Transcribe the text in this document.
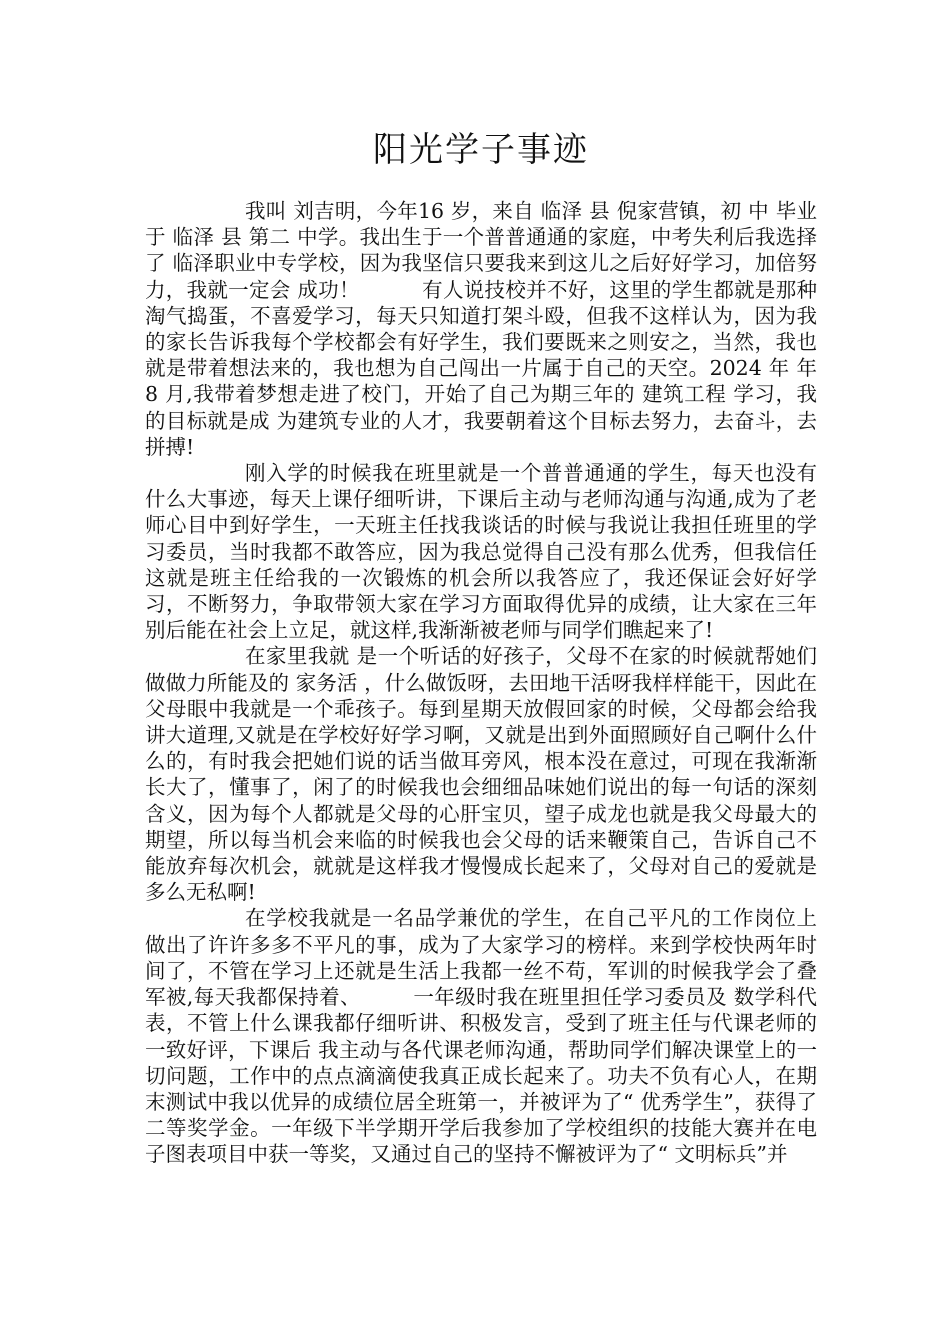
阳光学子事迹

我叫 刘吉明，今年16 岁，来自 临泽 县 倪家营镇，初 中 毕业 于 临泽 县 第二 中学。我出生于一个普普通通的家庭，中考失利后我选择了 临泽职业中专学校，因为我坚信只要我来到这儿之后好好学习，加倍努力，我就一定会 成功！　　　有人说技校并不好，这里的学生都就是那种淘气捣蛋，不喜爱学习，每天只知道打架斗殴，但我不这样认为，因为我的家长告诉我每个学校都会有好学生，我们要既来之则安之，当然，我也就是带着想法来的，我也想为自己闯出一片属于自己的天空。2024 年 年 8 月,我带着梦想走进了校门，开始了自己为期三年的 建筑工程 学习，我的目标就是成 为建筑专业的人才，我要朝着这个目标去努力，去奋斗，去拼搏!

刚入学的时候我在班里就是一个普普通通的学生，每天也没有什么大事迹，每天上课仔细听讲，下课后主动与老师沟通与沟通,成为了老师心目中到好学生，一天班主任找我谈话的时候与我说让我担任班里的学习委员，当时我都不敢答应，因为我总觉得自己没有那么优秀，但我信任这就是班主任给我的一次锻炼的机会所以我答应了，我还保证会好好学习，不断努力，争取带领大家在学习方面取得优异的成绩，让大家在三年别后能在社会上立足，就这样,我渐渐被老师与同学们瞧起来了!

在家里我就 是一个听话的好孩子，父母不在家的时候就帮她们做做力所能及的 家务活 ，什么做饭呀，去田地干活呀我样样能干，因此在父母眼中我就是一个乖孩子。每到星期天放假回家的时候，父母都会给我讲大道理,又就是在学校好好学习啊，又就是出到外面照顾好自己啊什么什么的，有时我会把她们说的话当做耳旁风，根本没在意过，可现在我渐渐长大了，懂事了，闲了的时候我也会细细品味她们说出的每一句话的深刻含义，因为每个人都就是父母的心肝宝贝，望子成龙也就是我父母最大的期望，所以每当机会来临的时候我也会父母的话来鞭策自己，告诉自己不能放弃每次机会，就就是这样我才慢慢成长起来了，父母对自己的爱就是多么无私啊!

在学校我就是一名品学兼优的学生，在自己平凡的工作岗位上做出了许许多多不平凡的事，成为了大家学习的榜样。来到学校快两年时间了，不管在学习上还就是生活上我都一丝不苟，军训的时候我学会了叠军被,每天我都保持着、　　　一年级时我在班里担任学习委员及 数学科代表，不管上什么课我都仔细听讲、积极发言，受到了班主任与代课老师的一致好评，下课后 我主动与各代课老师沟通，帮助同学们解决课堂上的一切问题，工作中的点点滴滴使我真正成长起来了。功夫不负有心人，在期末测试中我以优异的成绩位居全班第一，并被评为了“ 优秀学生”，获得了二等奖学金。一年级下半学期开学后我参加了学校组织的技能大赛并在电子图表项目中获一等奖，又通过自己的坚持不懈被评为了“ 文明标兵”并
